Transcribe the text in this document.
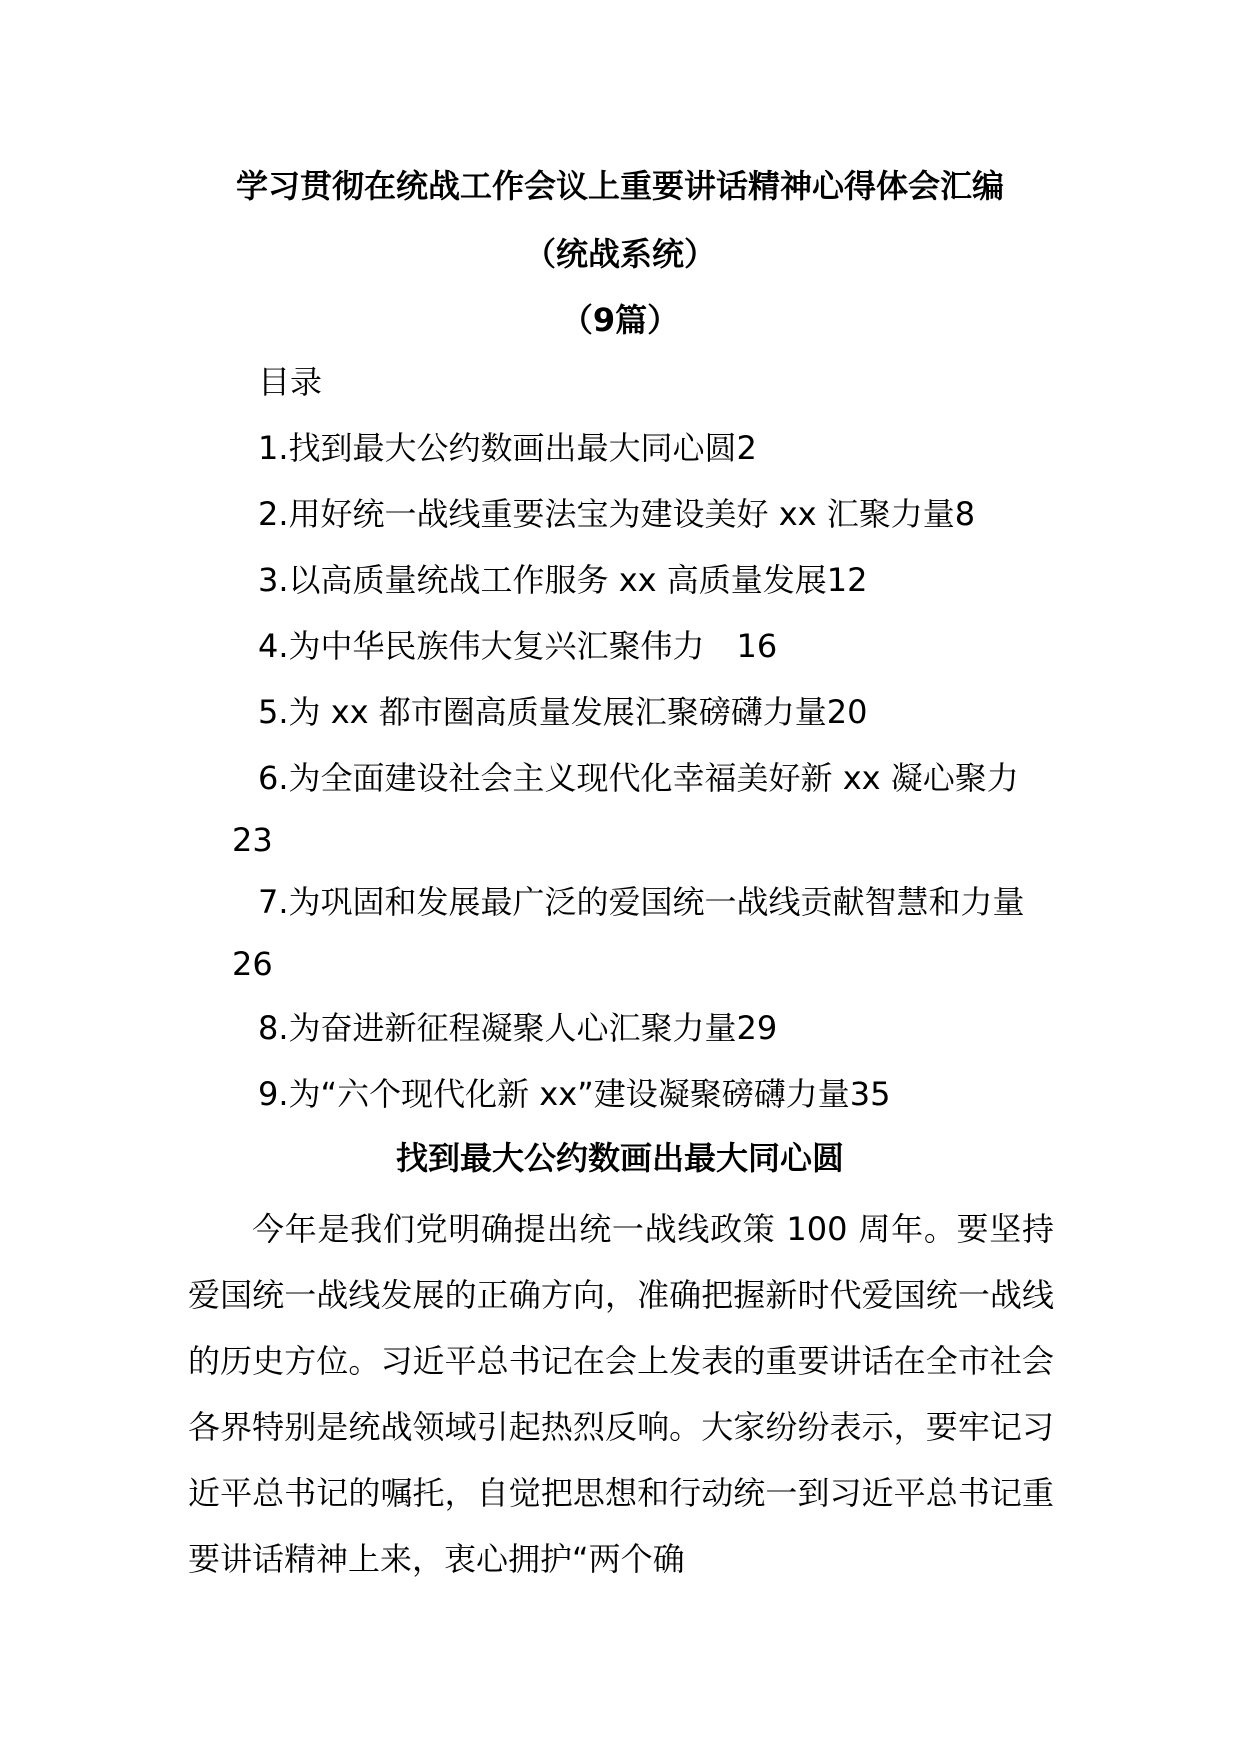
学习贯彻在统战工作会议上重要讲话精神心得体会汇编
（统战系统）
（9篇）
目录
1.找到最大公约数画出最大同心圆2
2.用好统一战线重要法宝为建设美好 xx 汇聚力量8
3.以高质量统战工作服务 xx 高质量发展12
4.为中华民族伟大复兴汇聚伟力　16
5.为 xx 都市圈高质量发展汇聚磅礴力量20
6.为全面建设社会主义现代化幸福美好新 xx 凝心聚力
23
7.为巩固和发展最广泛的爱国统一战线贡献智慧和力量
26
8.为奋进新征程凝聚人心汇聚力量29
9.为“六个现代化新 xx”建设凝聚磅礴力量35
找到最大公约数画出最大同心圆

今年是我们党明确提出统一战线政策 100 周年。要坚持爱国统一战线发展的正确方向，准确把握新时代爱国统一战线的历史方位。习近平总书记在会上发表的重要讲话在全市社会各界特别是统战领域引起热烈反响。大家纷纷表示，要牢记习近平总书记的嘱托，自觉把思想和行动统一到习近平总书记重要讲话精神上来，衷心拥护“两个确
